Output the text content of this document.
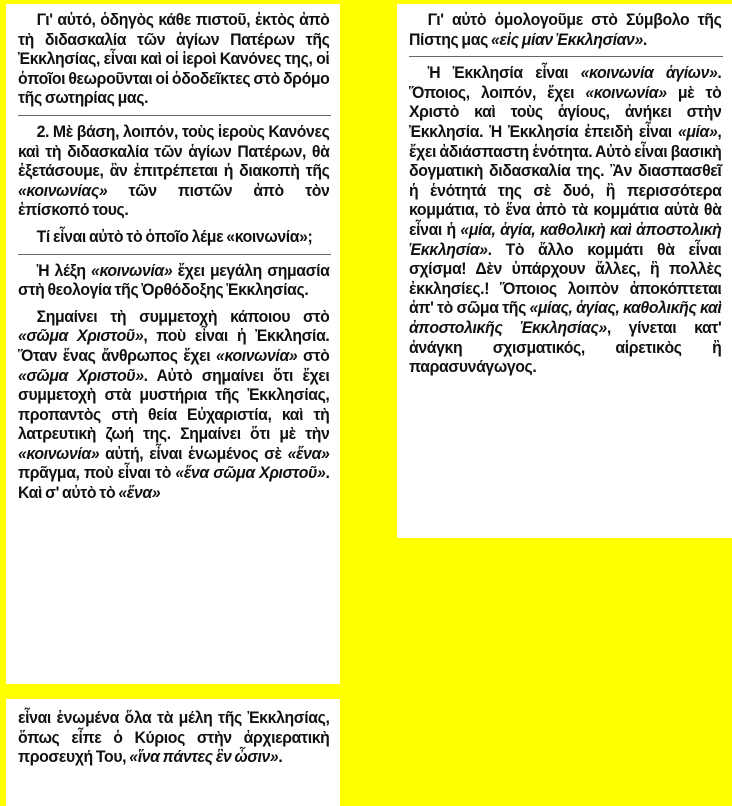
Γι' αὐτό, ὁδηγὸς κάθε πιστοῦ, ἐκτὸς ἀπὸ τὴ διδασκαλία τῶν ἁγίων Πατέρων τῆς Ἐκκλησίας, εἶναι καὶ οἱ ἱεροὶ Κανόνες της, οἱ ὁποῖοι θεωροῦνται οἱ ὁδοδεῖκτες στὸ δρόμο τῆς σωτηρίας μας.

2. Μὲ βάση, λοιπόν, τοὺς ἱεροὺς Κανόνες καὶ τὴ διδασκαλία τῶν ἁγίων Πατέρων, θὰ ἐξετάσουμε, ἂν ἐπιτρέπεται ἡ διακοπὴ τῆς «κοινωνίας» τῶν πιστῶν ἀπὸ τὸν ἐπίσκοπό τους.

Τί εἶναι αὐτὸ τὸ ὁποῖο λέμε «κοινωνία»;

Ἡ λέξη «κοινωνία» ἔχει μεγάλη σημασία στὴ θεολογία τῆς Ὀρθόδοξης Ἐκκλησίας.

Σημαίνει τὴ συμμετοχὴ κάποιου στὸ «σῶμα Χριστοῦ», ποὺ εἶναι ἡ Ἐκκλησία. Ὅταν ἕνας ἄνθρωπος ἔχει «κοινωνία» στὸ «σῶμα Χριστοῦ». Αὐτὸ σημαίνει ὅτι ἔχει συμμετοχὴ στὰ μυστήρια τῆς Ἐκκλησίας, προπαντὸς στὴ θεία Εὐχαριστία, καὶ τὴ λατρευτικὴ ζωή της. Σημαίνει ὅτι μὲ τὴν «κοινωνία» αὐτή, εἶναι ἑνωμένος σὲ «ἕνα» πρᾶγμα, ποὺ εἶναι τὸ «ἕνα σῶμα Χριστοῦ». Καὶ σ' αὐτὸ τὸ «ἕνα»

Γι' αὐτὸ ὁμολογοῦμε στὸ Σύμβολο τῆς Πίστης μας «εἰς μίαν Ἐκκλησίαν».

Ἡ Ἐκκλησία εἶναι «κοινωνία ἁγίων». Ὅποιος, λοιπόν, ἔχει «κοινωνία» μὲ τὸ Χριστὸ καὶ τοὺς ἁγίους, ἀνήκει στὴν Ἐκκλησία. Ἡ Ἐκκλησία ἐπειδὴ εἶναι «μία», ἔχει ἀδιάσπαστη ἑνότητα. Αὐτὸ εἶναι βασικὴ δογματικὴ διδασκαλία της. Ἂν διασπασθεῖ ἡ ἑνότητά της σὲ δυό, ἢ περισσότερα κομμάτια, τὸ ἕνα ἀπὸ τὰ κομμάτια αὐτὰ θὰ εἶναι ἡ «μία, ἁγία, καθολικὴ καὶ ἀποστολικὴ Ἐκκλησία». Τὸ ἄλλο κομμάτι θὰ εἶναι σχίσμα! Δὲν ὑπάρχουν ἄλλες, ἢ πολλὲς ἐκκλησίες.! Ὅποιος λοιπὸν ἀποκόπτεται ἀπ' τὸ σῶμα τῆς «μίας, ἁγίας, καθολικῆς καὶ ἀποστολικῆς Ἐκκλησίας», γίνεται κατ' ἀνάγκη σχισματικός, αἱρετικὸς ἢ παρασυνάγωγος.

εἶναι ἑνωμένα ὅλα τὰ μέλη τῆς Ἐκκλησίας, ὅπως εἶπε ὁ Κύριος στὴν ἀρχιερατικὴ προσευχή Του, «ἵνα πάντες ἓν ὦσιν».
